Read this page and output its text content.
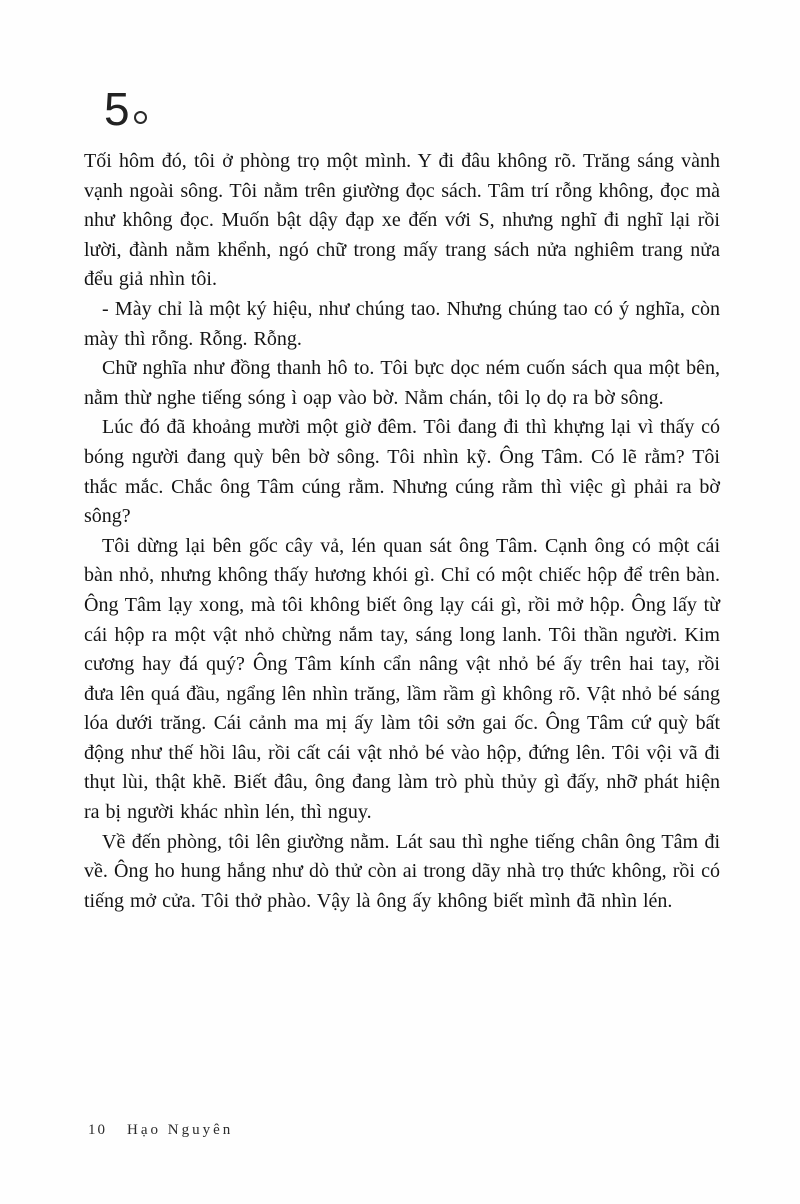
5

Tối hôm đó, tôi ở phòng trọ một mình. Y đi đâu không rõ. Trăng sáng vành vạnh ngoài sông. Tôi nằm trên giường đọc sách. Tâm trí rỗng không, đọc mà như không đọc. Muốn bật dậy đạp xe đến với S, nhưng nghĩ đi nghĩ lại rồi lười, đành nằm khểnh, ngó chữ trong mấy trang sách nửa nghiêm trang nửa đểu giả nhìn tôi.

- Mày chỉ là một ký hiệu, như chúng tao. Nhưng chúng tao có ý nghĩa, còn mày thì rỗng. Rỗng. Rỗng.

Chữ nghĩa như đồng thanh hô to. Tôi bực dọc ném cuốn sách qua một bên, nằm thừ nghe tiếng sóng ì oạp vào bờ. Nằm chán, tôi lọ dọ ra bờ sông.

Lúc đó đã khoảng mười một giờ đêm. Tôi đang đi thì khựng lại vì thấy có bóng người đang quỳ bên bờ sông. Tôi nhìn kỹ. Ông Tâm. Có lẽ rằm? Tôi thắc mắc. Chắc ông Tâm cúng rằm. Nhưng cúng rằm thì việc gì phải ra bờ sông?

Tôi dừng lại bên gốc cây vả, lén quan sát ông Tâm. Cạnh ông có một cái bàn nhỏ, nhưng không thấy hương khói gì. Chỉ có một chiếc hộp để trên bàn. Ông Tâm lạy xong, mà tôi không biết ông lạy cái gì, rồi mở hộp. Ông lấy từ cái hộp ra một vật nhỏ chừng nắm tay, sáng long lanh. Tôi thần người. Kim cương hay đá quý? Ông Tâm kính cẩn nâng vật nhỏ bé ấy trên hai tay, rồi đưa lên quá đầu, ngẩng lên nhìn trăng, lầm rầm gì không rõ. Vật nhỏ bé sáng lóa dưới trăng. Cái cảnh ma mị ấy làm tôi sởn gai ốc. Ông Tâm cứ quỳ bất động như thế hồi lâu, rồi cất cái vật nhỏ bé vào hộp, đứng lên. Tôi vội vã đi thụt lùi, thật khẽ. Biết đâu, ông đang làm trò phù thủy gì đấy, nhỡ phát hiện ra bị người khác nhìn lén, thì nguy.

Về đến phòng, tôi lên giường nằm. Lát sau thì nghe tiếng chân ông Tâm đi về. Ông ho hung hắng như dò thử còn ai trong dãy nhà trọ thức không, rồi có tiếng mở cửa. Tôi thở phào. Vậy là ông ấy không biết mình đã nhìn lén.

10 Hạo Nguyên
